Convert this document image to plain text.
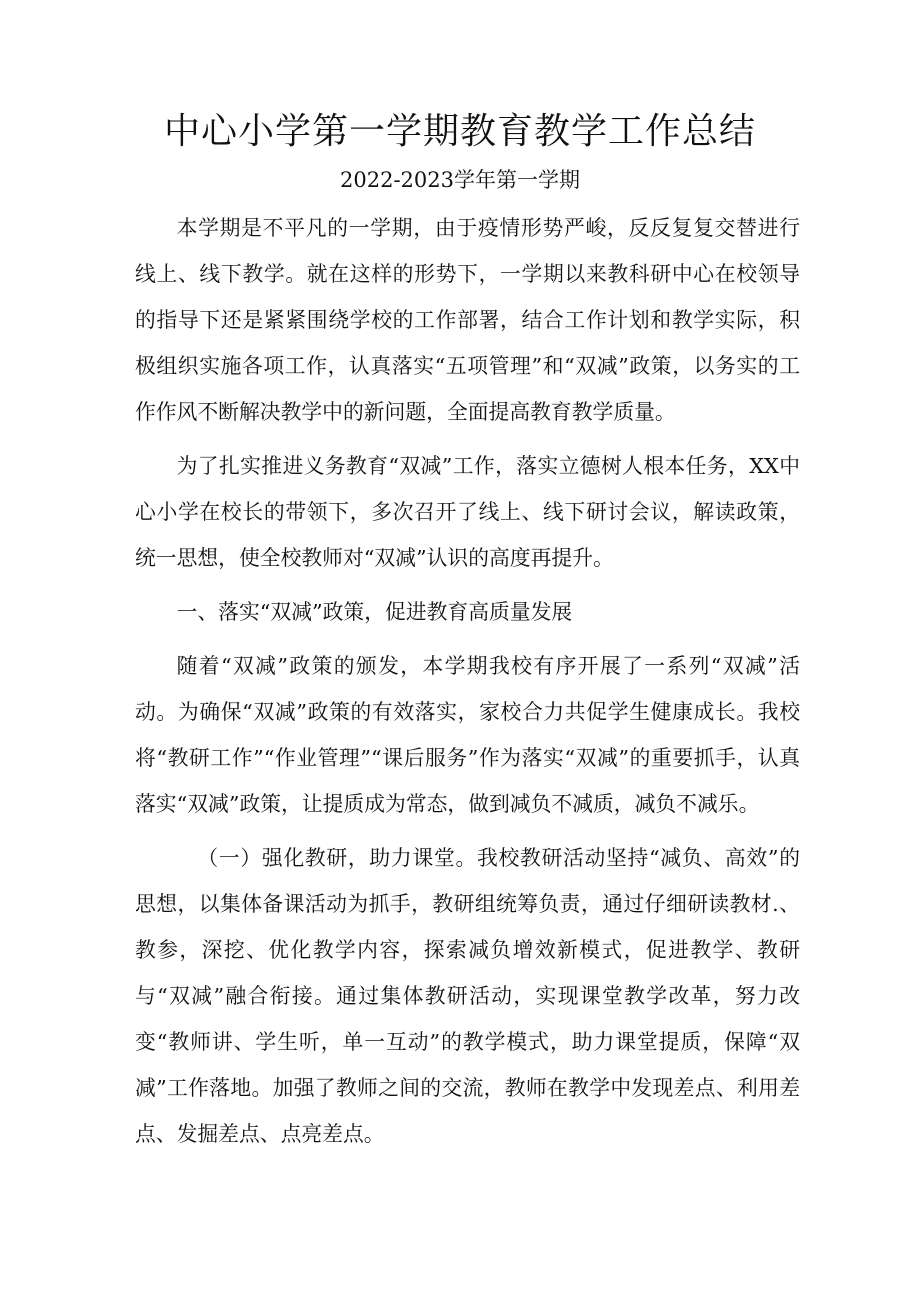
中心小学第一学期教育教学工作总结
2022-2023学年第一学期

本学期是不平凡的一学期，由于疫情形势严峻，反反复复交替进行线上、线下教学。就在这样的形势下，一学期以来教科研中心在校领导的指导下还是紧紧围绕学校的工作部署，结合工作计划和教学实际，积极组织实施各项工作，认真落实“五项管理”和“双减”政策，以务实的工作作风不断解决教学中的新问题，全面提高教育教学质量。

为了扎实推进义务教育“双减”工作，落实立德树人根本任务，XX中心小学在校长的带领下，多次召开了线上、线下研讨会议，解读政策，统一思想，使全校教师对“双减”认识的高度再提升。

一、落实“双减”政策，促进教育高质量发展

随着“双减”政策的颁发，本学期我校有序开展了一系列“双减”活动。为确保“双减”政策的有效落实，家校合力共促学生健康成长。我校将“教研工作”“作业管理”“课后服务”作为落实“双减”的重要抓手，认真落实“双减”政策，让提质成为常态，做到减负不减质，减负不减乐。

（一）强化教研，助力课堂。我校教研活动坚持“减负、高效”的思想，以集体备课活动为抓手，教研组统筹负责，通过仔细研读教材.、教参，深挖、优化教学内容，探索减负增效新模式，促进教学、教研与“双减”融合衔接。通过集体教研活动，实现课堂教学改革，努力改变“教师讲、学生听，单一互动”的教学模式，助力课堂提质，保障“双减”工作落地。加强了教师之间的交流，教师在教学中发现差点、利用差点、发掘差点、点亮差点。
